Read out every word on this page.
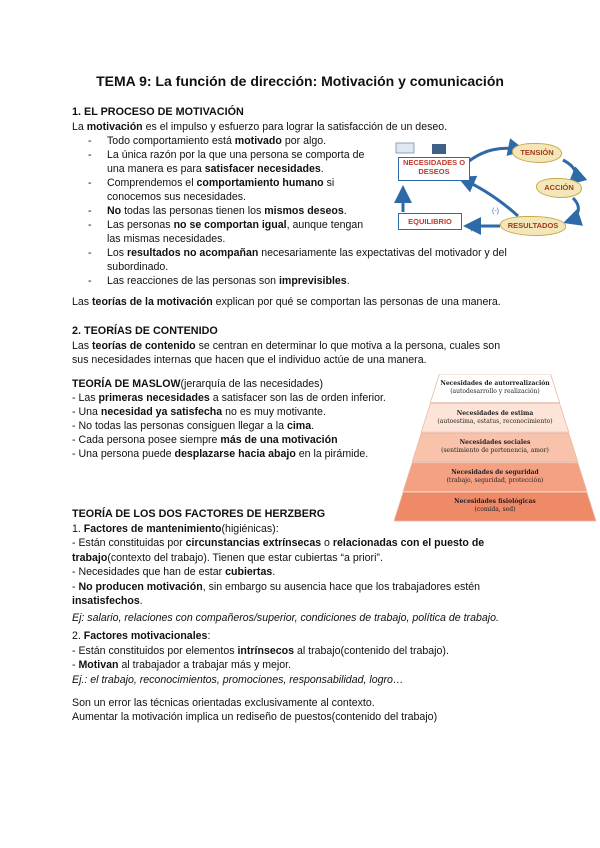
TEMA 9: La función de dirección: Motivación y comunicación
1. EL PROCESO DE MOTIVACIÓN
La motivación es el impulso y esfuerzo para lograr la satisfacción de un deseo.
- Todo comportamiento está motivado por algo.
- La única razón por la que una persona se comporta de
una manera es para satisfacer necesidades.
- Comprendemos el comportamiento humano si
conocemos sus necesidades.
- No todas las personas tienen los mismos deseos.
- Las personas no se comportan igual, aunque tengan
las mismas necesidades.
- Los resultados no acompañan necesariamente las expectativas del motivador y del
subordinado.
- Las reacciones de las personas son imprevisibles.
Las teorías de la motivación explican por qué se comportan las personas de una manera.
NECESIDADES O DESEOS
TENSIÓN
ACCIÓN
RESULTADOS
EQUILIBRIO
(-)
(+)
2. TEORÍAS DE CONTENIDO
Las teorías de contenido se centran en determinar lo que motiva a la persona, cuales son
sus necesidades internas que hacen que el individuo actúe de una manera.
TEORÍA DE MASLOW(jerarquía de las necesidades)
- Las primeras necesidades a satisfacer son las de orden inferior.
- Una necesidad ya satisfecha no es muy motivante.
- No todas las personas consiguen llegar a la cima.
- Cada persona posee siempre más de una motivación
- Una persona puede desplazarse hacia abajo en la pirámide.
Necesidades de autorrealización
(autodesarrollo y realización)
Necesidades de estima
(autoestima, estatus, reconocimiento)
Necesidades sociales
(sentimiento de pertenencia, amor)
Necesidades de seguridad
(trabajo, seguridad, protección)
Necesidades fisiológicas
(comida, sed)
TEORÍA DE LOS DOS FACTORES DE HERZBERG
1. Factores de mantenimiento(higiénicas):
- Están constituidas por circunstancias extrínsecas o relacionadas con el puesto de
trabajo(contexto del trabajo). Tienen que estar cubiertas “a priori”.
- Necesidades que han de estar cubiertas.
- No producen motivación, sin embargo su ausencia hace que los trabajadores estén
insatisfechos.
Ej: salario, relaciones con compañeros/superior, condiciones de trabajo, política de trabajo.
2. Factores motivacionales:
- Están constituidos por elementos intrínsecos al trabajo(contenido del trabajo).
- Motivan al trabajador a trabajar más y mejor.
Ej.: el trabajo, reconocimientos, promociones, responsabilidad, logro…
Son un error las técnicas orientadas exclusivamente al contexto.
Aumentar la motivación implica un rediseño de puestos(contenido del trabajo)
